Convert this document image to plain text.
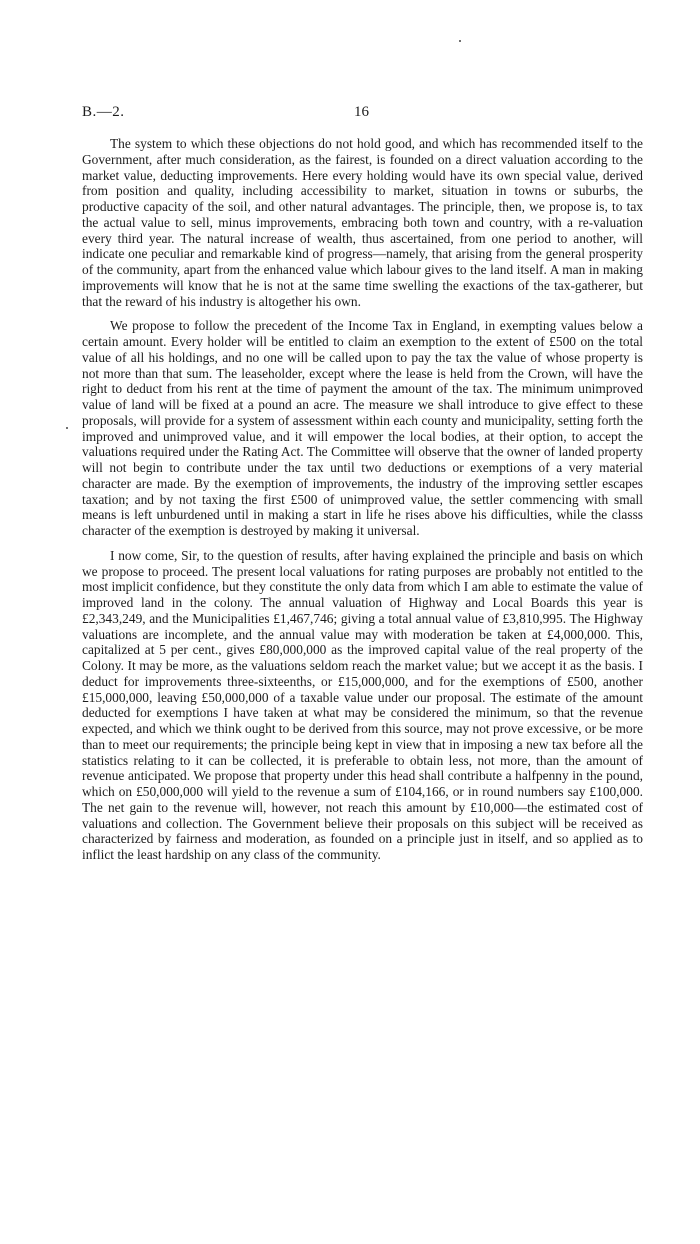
B.—2.	16

The system to which these objections do not hold good, and which has recommended itself to the Government, after much consideration, as the fairest, is founded on a direct valuation according to the market value, deducting improvements. Here every holding would have its own special value, derived from position and quality, including accessibility to market, situation in towns or suburbs, the productive capacity of the soil, and other natural advantages. The principle, then, we propose is, to tax the actual value to sell, minus improvements, embracing both town and country, with a re-valuation every third year. The natural increase of wealth, thus ascertained, from one period to another, will indicate one peculiar and remarkable kind of progress—namely, that arising from the general prosperity of the community, apart from the enhanced value which labour gives to the land itself. A man in making improvements will know that he is not at the same time swelling the exactions of the tax-gatherer, but that the reward of his industry is altogether his own.

We propose to follow the precedent of the Income Tax in England, in exempting values below a certain amount. Every holder will be entitled to claim an exemption to the extent of £500 on the total value of all his holdings, and no one will be called upon to pay the tax the value of whose property is not more than that sum. The leaseholder, except where the lease is held from the Crown, will have the right to deduct from his rent at the time of payment the amount of the tax. The minimum unimproved value of land will be fixed at a pound an acre. The measure we shall introduce to give effect to these proposals, will provide for a system of assessment within each county and municipality, setting forth the improved and unimproved value, and it will empower the local bodies, at their option, to accept the valuations required under the Rating Act. The Committee will observe that the owner of landed property will not begin to contribute under the tax until two deductions or exemptions of a very material character are made. By the exemption of improvements, the industry of the improving settler escapes taxation; and by not taxing the first £500 of unimproved value, the settler commencing with small means is left unburdened until in making a start in life he rises above his difficulties, while the classs character of the exemption is destroyed by making it universal.

I now come, Sir, to the question of results, after having explained the principle and basis on which we propose to proceed. The present local valuations for rating purposes are probably not entitled to the most implicit confidence, but they constitute the only data from which I am able to estimate the value of improved land in the colony. The annual valuation of Highway and Local Boards this year is £2,343,249, and the Municipalities £1,467,746; giving a total annual value of £3,810,995. The Highway valuations are incomplete, and the annual value may with moderation be taken at £4,000,000. This, capitalized at 5 per cent., gives £80,000,000 as the improved capital value of the real property of the Colony. It may be more, as the valuations seldom reach the market value; but we accept it as the basis. I deduct for improvements three-sixteenths, or £15,000,000, and for the exemptions of £500, another £15,000,000, leaving £50,000,000 of a taxable value under our proposal. The estimate of the amount deducted for exemptions I have taken at what may be considered the minimum, so that the revenue expected, and which we think ought to be derived from this source, may not prove excessive, or be more than to meet our requirements; the principle being kept in view that in imposing a new tax before all the statistics relating to it can be collected, it is preferable to obtain less, not more, than the amount of revenue anticipated. We propose that property under this head shall contribute a halfpenny in the pound, which on £50,000,000 will yield to the revenue a sum of £104,166, or in round numbers say £100,000. The net gain to the revenue will, however, not reach this amount by £10,000—the estimated cost of valuations and collection. The Government believe their proposals on this subject will be received as characterized by fairness and moderation, as founded on a principle just in itself, and so applied as to inflict the least hardship on any class of the community.
